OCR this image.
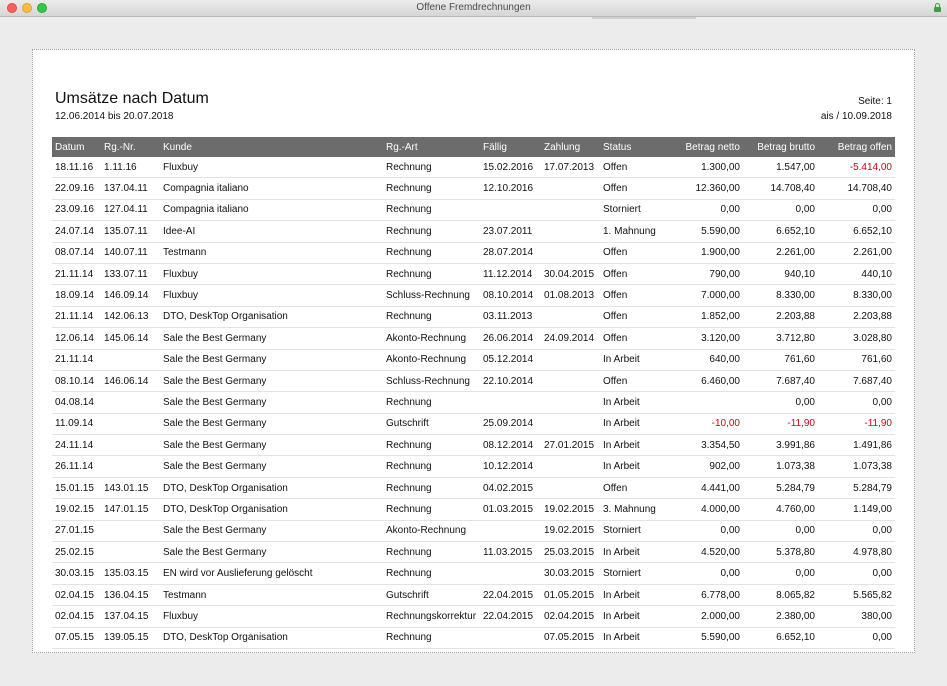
Offene Fremdrechnungen
Umsätze nach Datum
12.06.2014 bis 20.07.2018
Seite: 1
ais / 10.09.2018
Datum	Rg.-Nr.	Kunde	Rg.-Art	Fällig	Zahlung	Status	Betrag netto	Betrag brutto	Betrag offen
18.11.16	1.11.16	Fluxbuy	Rechnung	15.02.2016	17.07.2013	Offen	1.300,00	1.547,00	-5.414,00
22.09.16	137.04.11	Compagnia italiano	Rechnung	12.10.2016		Offen	12.360,00	14.708,40	14.708,40
23.09.16	127.04.11	Compagnia italiano	Rechnung			Storniert	0,00	0,00	0,00
24.07.14	135.07.11	Idee-AI	Rechnung	23.07.2011		1. Mahnung	5.590,00	6.652,10	6.652,10
08.07.14	140.07.11	Testmann	Rechnung	28.07.2014		Offen	1.900,00	2.261,00	2.261,00
21.11.14	133.07.11	Fluxbuy	Rechnung	11.12.2014	30.04.2015	Offen	790,00	940,10	440,10
18.09.14	146.09.14	Fluxbuy	Schluss-Rechnung	08.10.2014	01.08.2013	Offen	7.000,00	8.330,00	8.330,00
21.11.14	142.06.13	DTO, DeskTop Organisation	Rechnung	03.11.2013		Offen	1.852,00	2.203,88	2.203,88
12.06.14	145.06.14	Sale the Best Germany	Akonto-Rechnung	26.06.2014	24.09.2014	Offen	3.120,00	3.712,80	3.028,80
21.11.14		Sale the Best Germany	Akonto-Rechnung	05.12.2014		In Arbeit	640,00	761,60	761,60
08.10.14	146.06.14	Sale the Best Germany	Schluss-Rechnung	22.10.2014		Offen	6.460,00	7.687,40	7.687,40
04.08.14		Sale the Best Germany	Rechnung			In Arbeit		0,00	0,00
11.09.14		Sale the Best Germany	Gutschrift	25.09.2014		In Arbeit	-10,00	-11,90	-11,90
24.11.14		Sale the Best Germany	Rechnung	08.12.2014	27.01.2015	In Arbeit	3.354,50	3.991,86	1.491,86
26.11.14		Sale the Best Germany	Rechnung	10.12.2014		In Arbeit	902,00	1.073,38	1.073,38
15.01.15	143.01.15	DTO, DeskTop Organisation	Rechnung	04.02.2015		Offen	4.441,00	5.284,79	5.284,79
19.02.15	147.01.15	DTO, DeskTop Organisation	Rechnung	01.03.2015	19.02.2015	3. Mahnung	4.000,00	4.760,00	1.149,00
27.01.15		Sale the Best Germany	Akonto-Rechnung		19.02.2015	Storniert	0,00	0,00	0,00
25.02.15		Sale the Best Germany	Rechnung	11.03.2015	25.03.2015	In Arbeit	4.520,00	5.378,80	4.978,80
30.03.15	135.03.15	EN wird vor Auslieferung gelöscht	Rechnung		30.03.2015	Storniert	0,00	0,00	0,00
02.04.15	136.04.15	Testmann	Gutschrift	22.04.2015	01.05.2015	In Arbeit	6.778,00	8.065,82	5.565,82
02.04.15	137.04.15	Fluxbuy	Rechnungskorrektur	22.04.2015	02.04.2015	In Arbeit	2.000,00	2.380,00	380,00
07.05.15	139.05.15	DTO, DeskTop Organisation	Rechnung		07.05.2015	In Arbeit	5.590,00	6.652,10	0,00
